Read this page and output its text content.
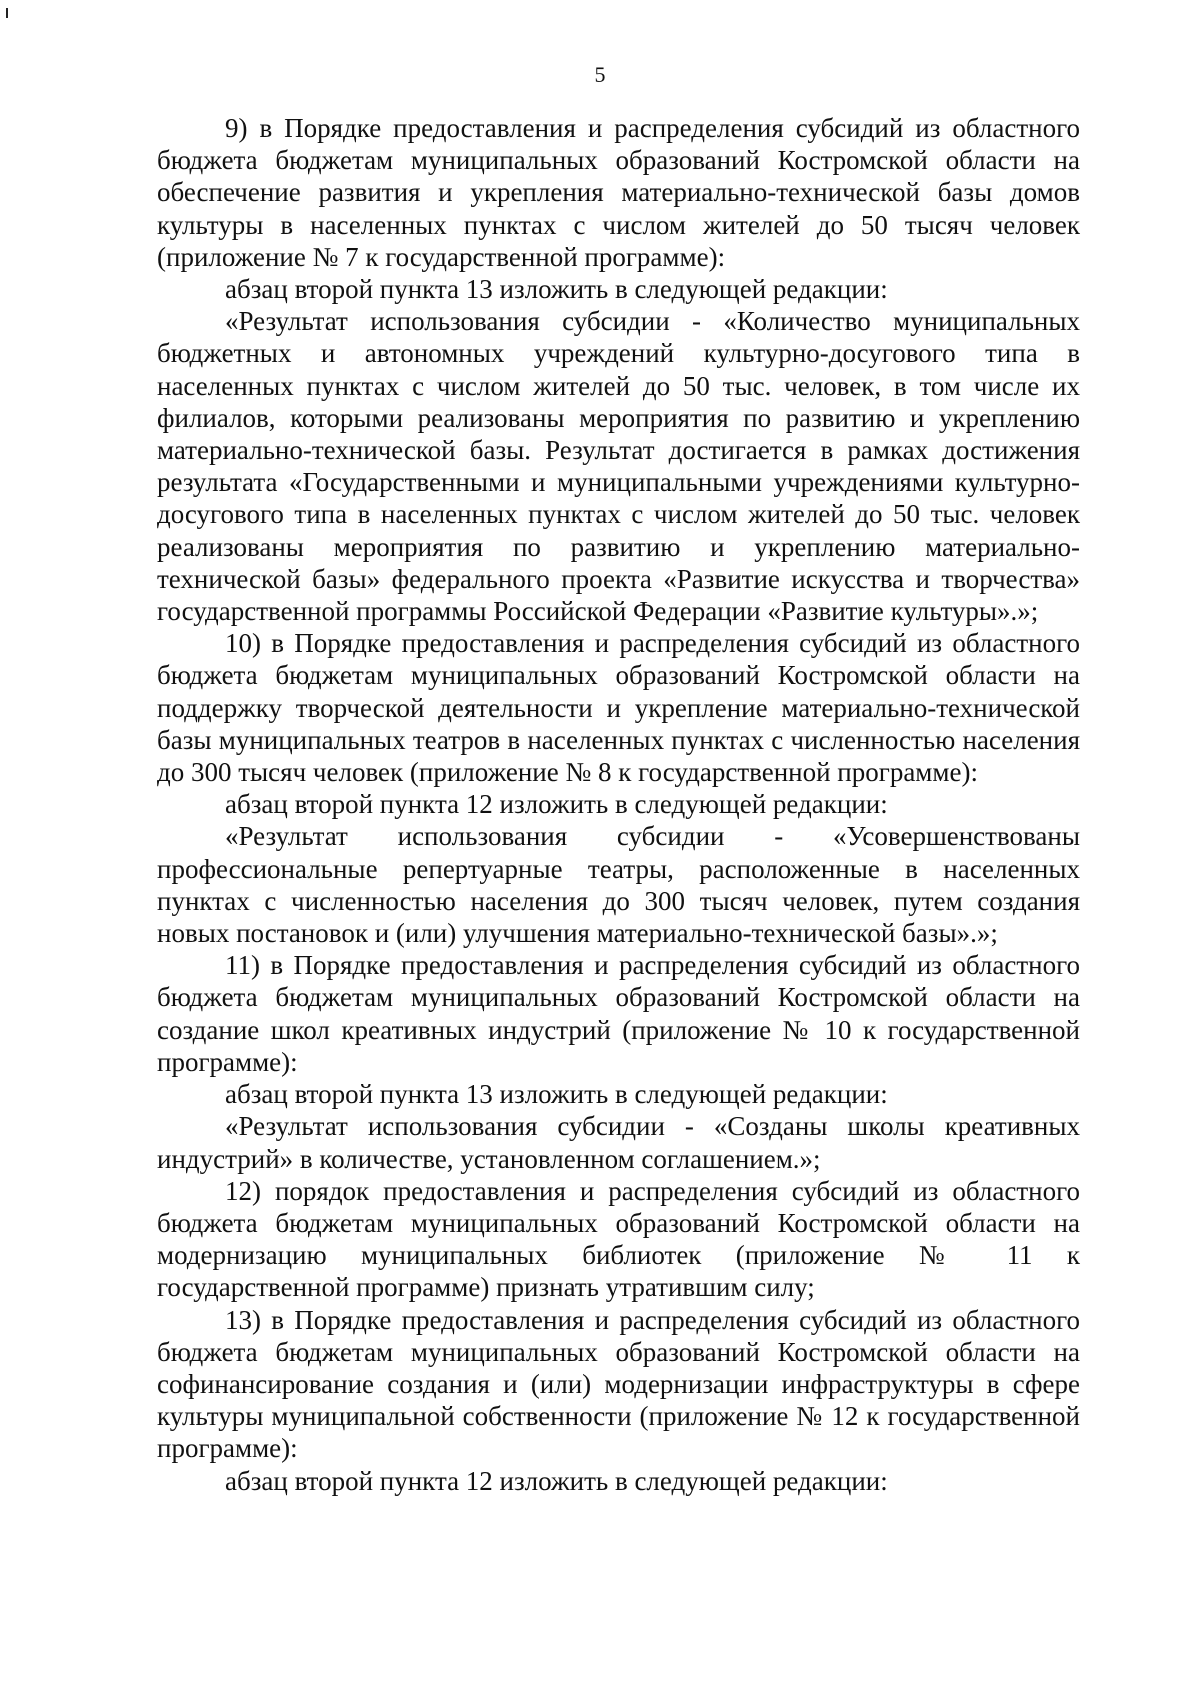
5

9) в Порядке предоставления и распределения субсидий из областного бюджета бюджетам муниципальных образований Костромской области на обеспечение развития и укрепления материально-технической базы домов культуры в населенных пунктах с числом жителей до 50 тысяч человек (приложение № 7 к государственной программе):

абзац второй пункта 13 изложить в следующей редакции:

«Результат использования субсидии - «Количество муниципальных бюджетных и автономных учреждений культурно-досугового типа в населенных пунктах с числом жителей до 50 тыс. человек, в том числе их филиалов, которыми реализованы мероприятия по развитию и укреплению материально-технической базы. Результат достигается в рамках достижения результата «Государственными и муниципальными учреждениями культурно-досугового типа в населенных пунктах с числом жителей до 50 тыс. человек реализованы мероприятия по развитию и укреплению материально-технической базы» федерального проекта «Развитие искусства и творчества» государственной программы Российской Федерации «Развитие культуры».»;

10) в Порядке предоставления и распределения субсидий из областного бюджета бюджетам муниципальных образований Костромской области на поддержку творческой деятельности и укрепление материально-технической базы муниципальных театров в населенных пунктах с численностью населения до 300 тысяч человек (приложение № 8 к государственной программе):

абзац второй пункта 12 изложить в следующей редакции:

«Результат использования субсидии - «Усовершенствованы профессиональные репертуарные театры, расположенные в населенных пунктах с численностью населения до 300 тысяч человек, путем создания новых постановок и (или) улучшения материально-технической базы».»;

11) в Порядке предоставления и распределения субсидий из областного бюджета бюджетам муниципальных образований Костромской области на создание школ креативных индустрий (приложение № 10 к государственной программе):

абзац второй пункта 13 изложить в следующей редакции:

«Результат использования субсидии - «Созданы школы креативных индустрий» в количестве, установленном соглашением.»;

12) порядок предоставления и распределения субсидий из областного бюджета бюджетам муниципальных образований Костромской области на модернизацию муниципальных библиотек (приложение № 11 к государственной программе) признать утратившим силу;

13) в Порядке предоставления и распределения субсидий из областного бюджета бюджетам муниципальных образований Костромской области на софинансирование создания и (или) модернизации инфраструктуры в сфере культуры муниципальной собственности (приложение № 12 к государственной программе):

абзац второй пункта 12 изложить в следующей редакции:
